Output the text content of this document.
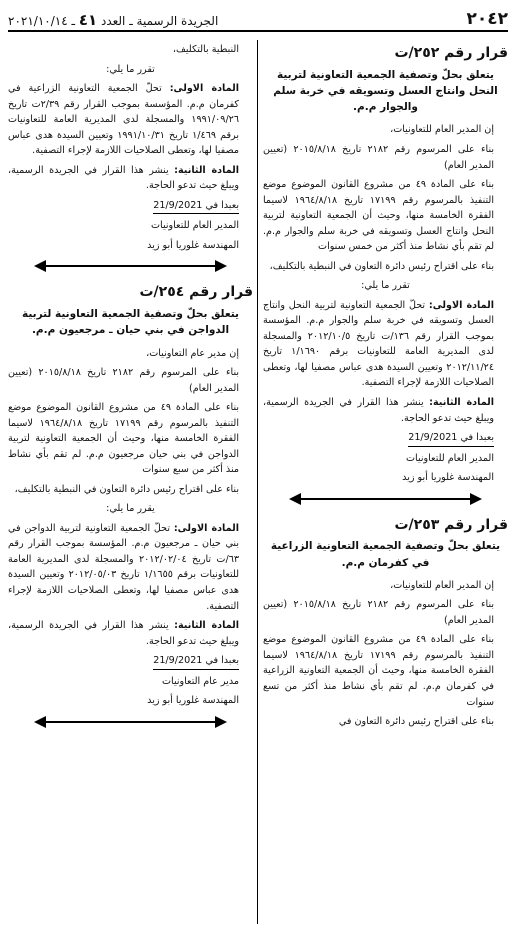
٢٠٤٢
الجريدة الرسمية ـ العدد ٤١ ـ ٢٠٢١/١٠/١٤
قرار رقم ٢٥٢/ت
يتعلق بحلّ وتصفية الجمعية التعاونية لتربية النحل وانتاج العسل وتسويقه في خربة سلم والجوار م.م.

إن المدير العام للتعاونيات،

بناء على المرسوم رقم ٢١٨٢ تاريخ ٢٠١٥/٨/١٨ (تعيين المدير العام)

بناء على المادة ٤٩ من مشروع القانون الموضوع موضع التنفيذ بالمرسوم رقم ١٧١٩٩ تاريخ ١٩٦٤/٨/١٨ لاسيما الفقرة الخامسة منها، وحيث أن الجمعية التعاونية لتربية النحل وانتاج العسل وتسويقه في خربة سلم والجوار م.م. لم تقم بأي نشاط منذ أكثر من خمس سنوات

بناء على اقتراح رئيس دائرة التعاون في النبطية بالتكليف،

تقرر ما يلي:

المادة الاولى: تحلّ الجمعية التعاونية لتربية النحل وانتاج العسل وتسويقه في خربة سلم والجوار م.م. المؤسسة بموجب القرار رقم ١٣٦/ت تاريخ ٢٠١٢/١٠/٥ والمسجلة لدى المديرية العامة للتعاونيات برقم ١/١٦٩٠ تاريخ ٢٠١٢/١١/٢٤ وتعيين السيدة هدى عباس مصفيا لها، وتعطى الصلاحيات اللازمة لإجراء التصفية.

المادة الثانية: ينشر هذا القرار في الجريدة الرسمية، ويبلغ حيث تدعو الحاجة.

بعبدا في 21/9/2021

المدير العام للتعاونيات

المهندسة غلوريا أبو زيد

قرار رقم ٢٥٣/ت
يتعلق بحلّ وتصفية الجمعية التعاونية الزراعية في كفرمان م.م.

إن المدير العام للتعاونيات،

بناء على المرسوم رقم ٢١٨٢ تاريخ ٢٠١٥/٨/١٨ (تعيين المدير العام)

بناء على المادة ٤٩ من مشروع القانون الموضوع موضع التنفيذ بالمرسوم رقم ١٧١٩٩ تاريخ ١٩٦٤/٨/١٨ لاسيما الفقرة الخامسة منها، وحيث أن الجمعية التعاونية الزراعية في كفرمان م.م. لم تقم بأي نشاط منذ أكثر من تسع سنوات

بناء على اقتراح رئيس دائرة التعاون في

النبطية بالتكليف،

تقرر ما يلي:

المادة الاولى: تحلّ الجمعية التعاونية الزراعية في كفرمان م.م. المؤسسة بموجب القرار رقم ٢/٣٩ت تاريخ ١٩٩١/٠٩/٢٦ والمسجلة لدى المديرية العامة للتعاونيات برقم ١/٤٦٩ تاريخ ١٩٩١/١٠/٣١ وتعيين السيدة هدى عباس مصفيا لها، وتعطى الصلاحيات اللازمة لإجراء التصفية.

المادة الثانية: ينشر هذا القرار في الجريدة الرسمية، ويبلغ حيث تدعو الحاجة.

بعبدا في 21/9/2021

المدير العام للتعاونيات

المهندسة غلوريا أبو زيد

قرار رقم ٢٥٤/ت
يتعلق بحلّ وتصفية الجمعية التعاونية لتربية الدواجن في بني حيان ـ مرجعيون م.م.

إن مدير عام التعاونيات،

بناء على المرسوم رقم ٢١٨٢ تاريخ ٢٠١٥/٨/١٨ (تعيين المدير العام)

بناء على المادة ٤٩ من مشروع القانون الموضوع موضع التنفيذ بالمرسوم رقم ١٧١٩٩ تاريخ ١٩٦٤/٨/١٨ لاسيما الفقرة الخامسة منها، وحيث أن الجمعية التعاونية لتربية الدواجن في بني حيان مرجعيون م.م. لم تقم بأي نشاط منذ أكثر من سبع سنوات

بناء على اقتراح رئيس دائرة التعاون في النبطية بالتكليف،

يقرر ما يلي:

المادة الاولى: تحلّ الجمعية التعاونية لتربية الدواجن في بني حيان ـ مرجعيون م.م. المؤسسة بموجب القرار رقم ٦٣/ت تاريخ ٢٠١٢/٠٢/٠٤ والمسجلة لدى المديرية العامة للتعاونيات برقم ١/١٦٥٥ تاريخ ٢٠١٢/٠٥/٠٣ وتعيين السيدة هدى عباس مصفيا لها، وتعطى الصلاحيات اللازمة لإجراء التصفية.

المادة الثانية: ينشر هذا القرار في الجريدة الرسمية، ويبلغ حيث تدعو الحاجة.

بعبدا في 21/9/2021

مدير عام التعاونيات

المهندسة غلوريا أبو زيد
